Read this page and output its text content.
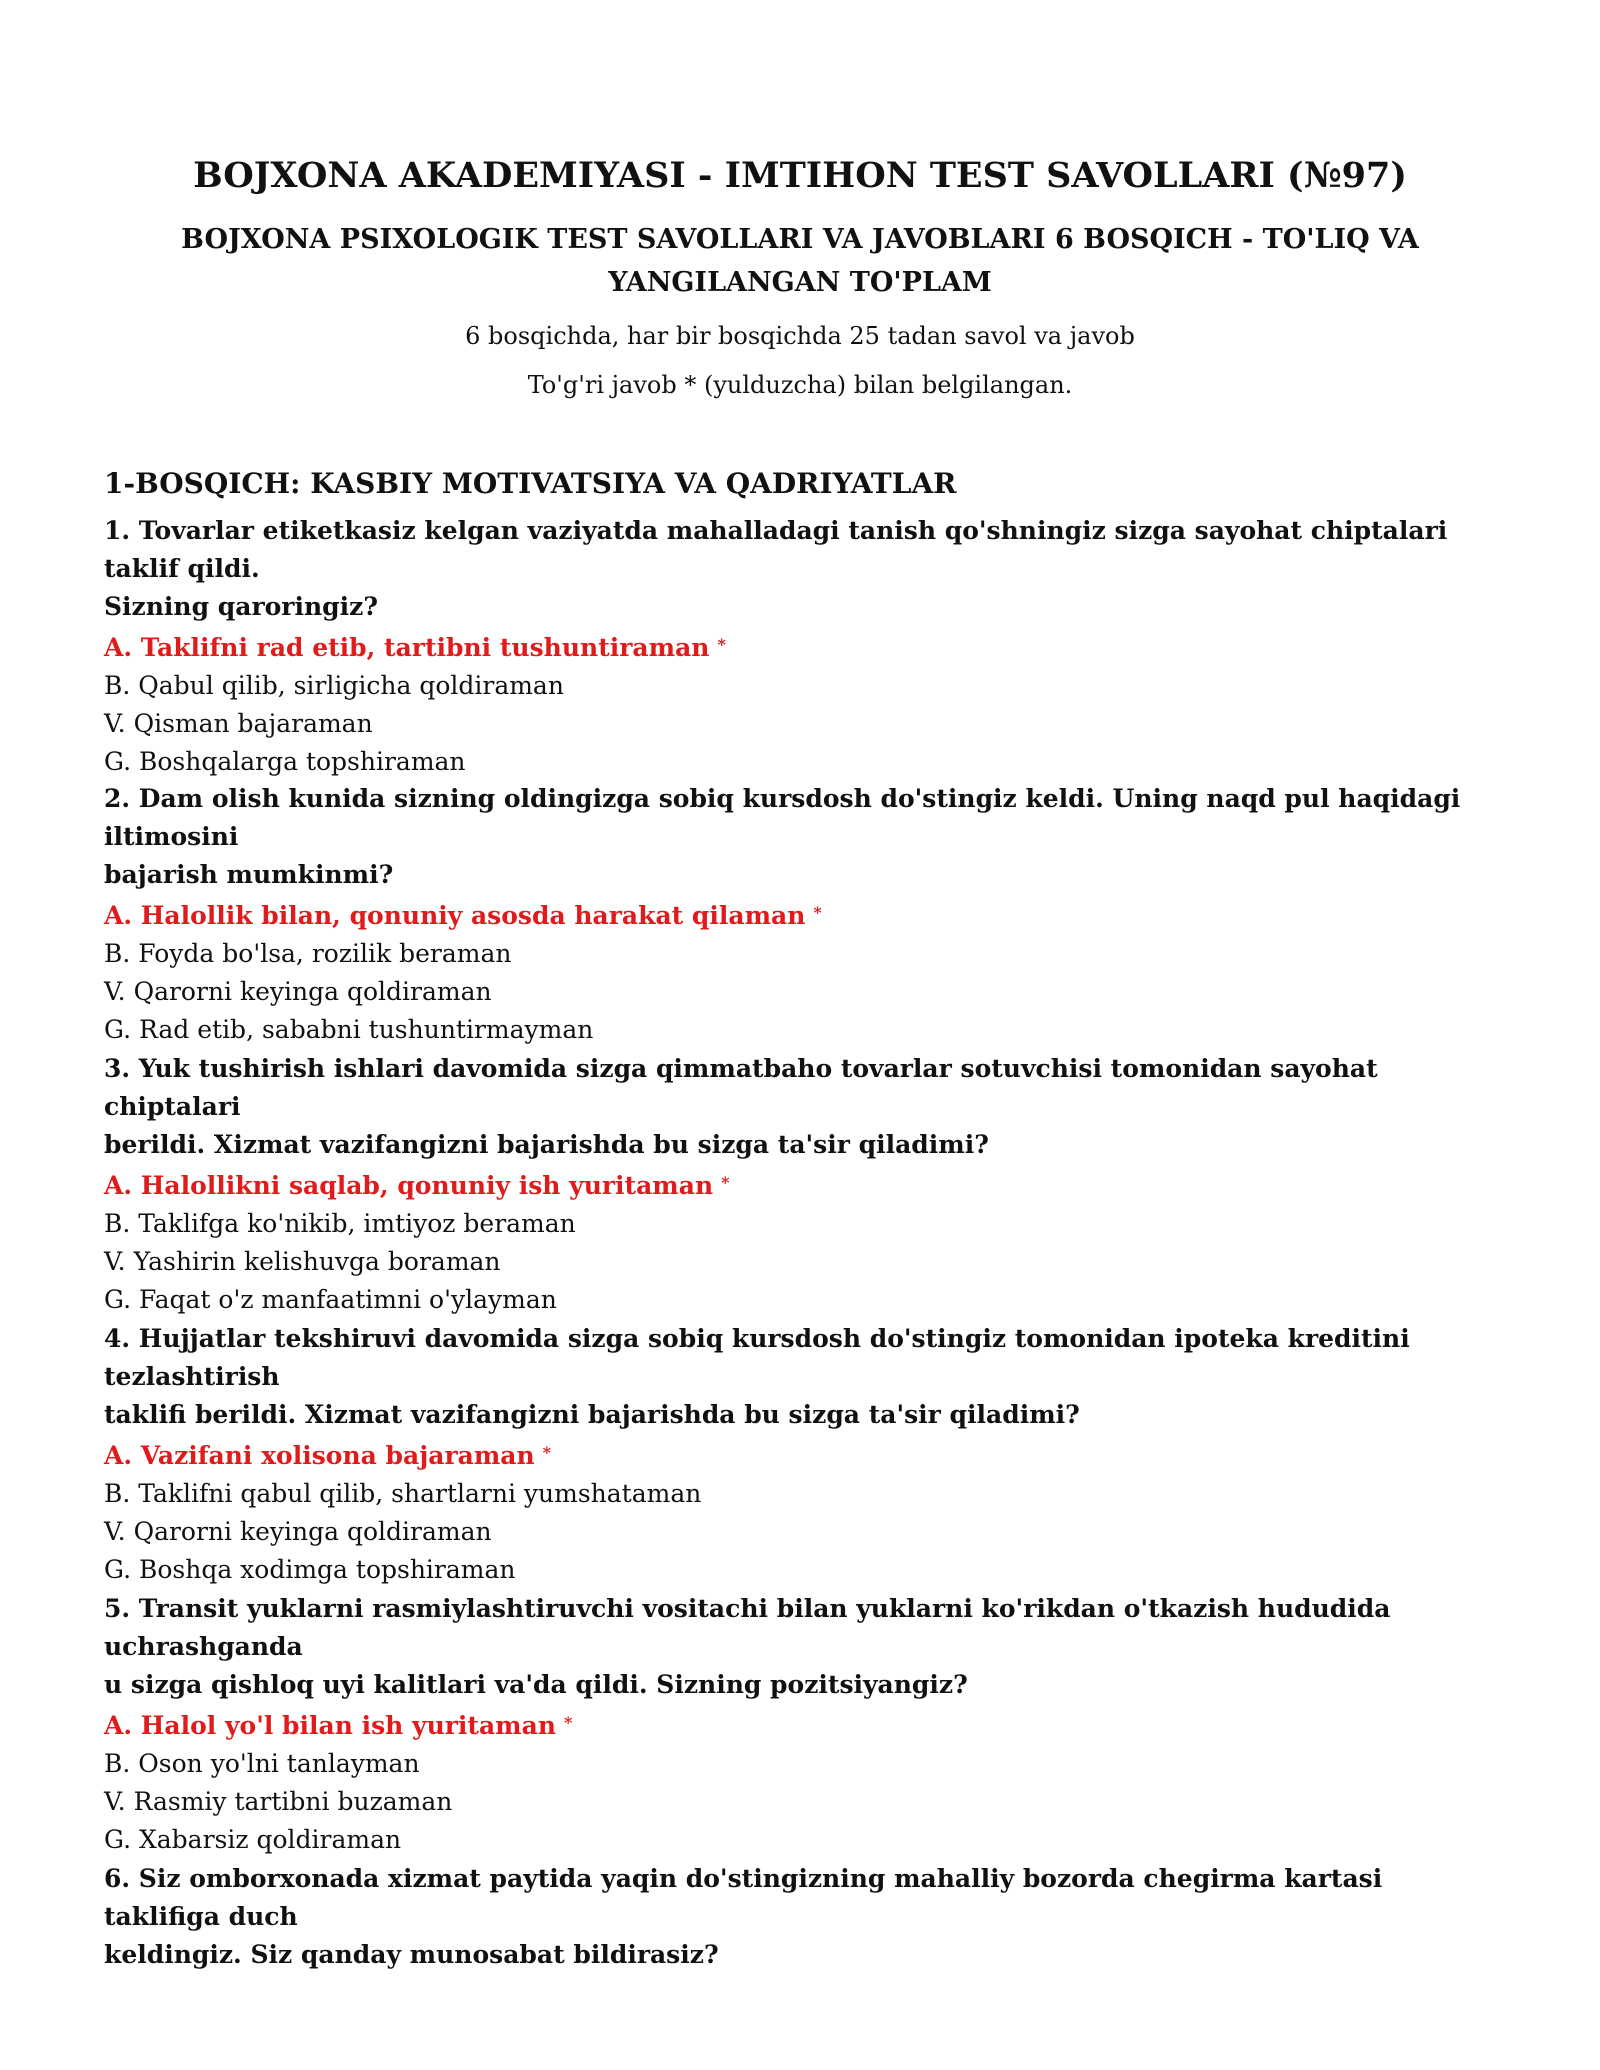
BOJXONA AKADEMIYASI - IMTIHON TEST SAVOLLARI (№97)
BOJXONA PSIXOLOGIK TEST SAVOLLARI VA JAVOBLARI 6 BOSQICH - TO'LIQ VA
YANGILANGAN TO'PLAM

6 bosqichda, har bir bosqichda 25 tadan savol va javob

To'g'ri javob * (yulduzcha) bilan belgilangan.

1-BOSQICH: KASBIY MOTIVATSIYA VA QADRIYATLAR

1. Tovarlar etiketkasiz kelgan vaziyatda mahalladagi tanish qo'shningiz sizga sayohat chiptalari taklif qildi.
Sizning qaroringiz?

A. Taklifni rad etib, tartibni tushuntiraman *

B. Qabul qilib, sirligicha qoldiraman

V. Qisman bajaraman

G. Boshqalarga topshiraman

2. Dam olish kunida sizning oldingizga sobiq kursdosh do'stingiz keldi. Uning naqd pul haqidagi iltimosini
bajarish mumkinmi?

A. Halollik bilan, qonuniy asosda harakat qilaman *

B. Foyda bo'lsa, rozilik beraman

V. Qarorni keyinga qoldiraman

G. Rad etib, sababni tushuntirmayman

3. Yuk tushirish ishlari davomida sizga qimmatbaho tovarlar sotuvchisi tomonidan sayohat chiptalari
berildi. Xizmat vazifangizni bajarishda bu sizga ta'sir qiladimi?

A. Halollikni saqlab, qonuniy ish yuritaman *

B. Taklifga ko'nikib, imtiyoz beraman

V. Yashirin kelishuvga boraman

G. Faqat o'z manfaatimni o'ylayman

4. Hujjatlar tekshiruvi davomida sizga sobiq kursdosh do'stingiz tomonidan ipoteka kreditini tezlashtirish
taklifi berildi. Xizmat vazifangizni bajarishda bu sizga ta'sir qiladimi?

A. Vazifani xolisona bajaraman *

B. Taklifni qabul qilib, shartlarni yumshataman

V. Qarorni keyinga qoldiraman

G. Boshqa xodimga topshiraman

5. Transit yuklarni rasmiylashtiruvchi vositachi bilan yuklarni ko'rikdan o'tkazish hududida uchrashganda
u sizga qishloq uyi kalitlari va'da qildi. Sizning pozitsiyangiz?

A. Halol yo'l bilan ish yuritaman *

B. Oson yo'lni tanlayman

V. Rasmiy tartibni buzaman

G. Xabarsiz qoldiraman

6. Siz omborxonada xizmat paytida yaqin do'stingizning mahalliy bozorda chegirma kartasi taklifiga duch
keldingiz. Siz qanday munosabat bildirasiz?
